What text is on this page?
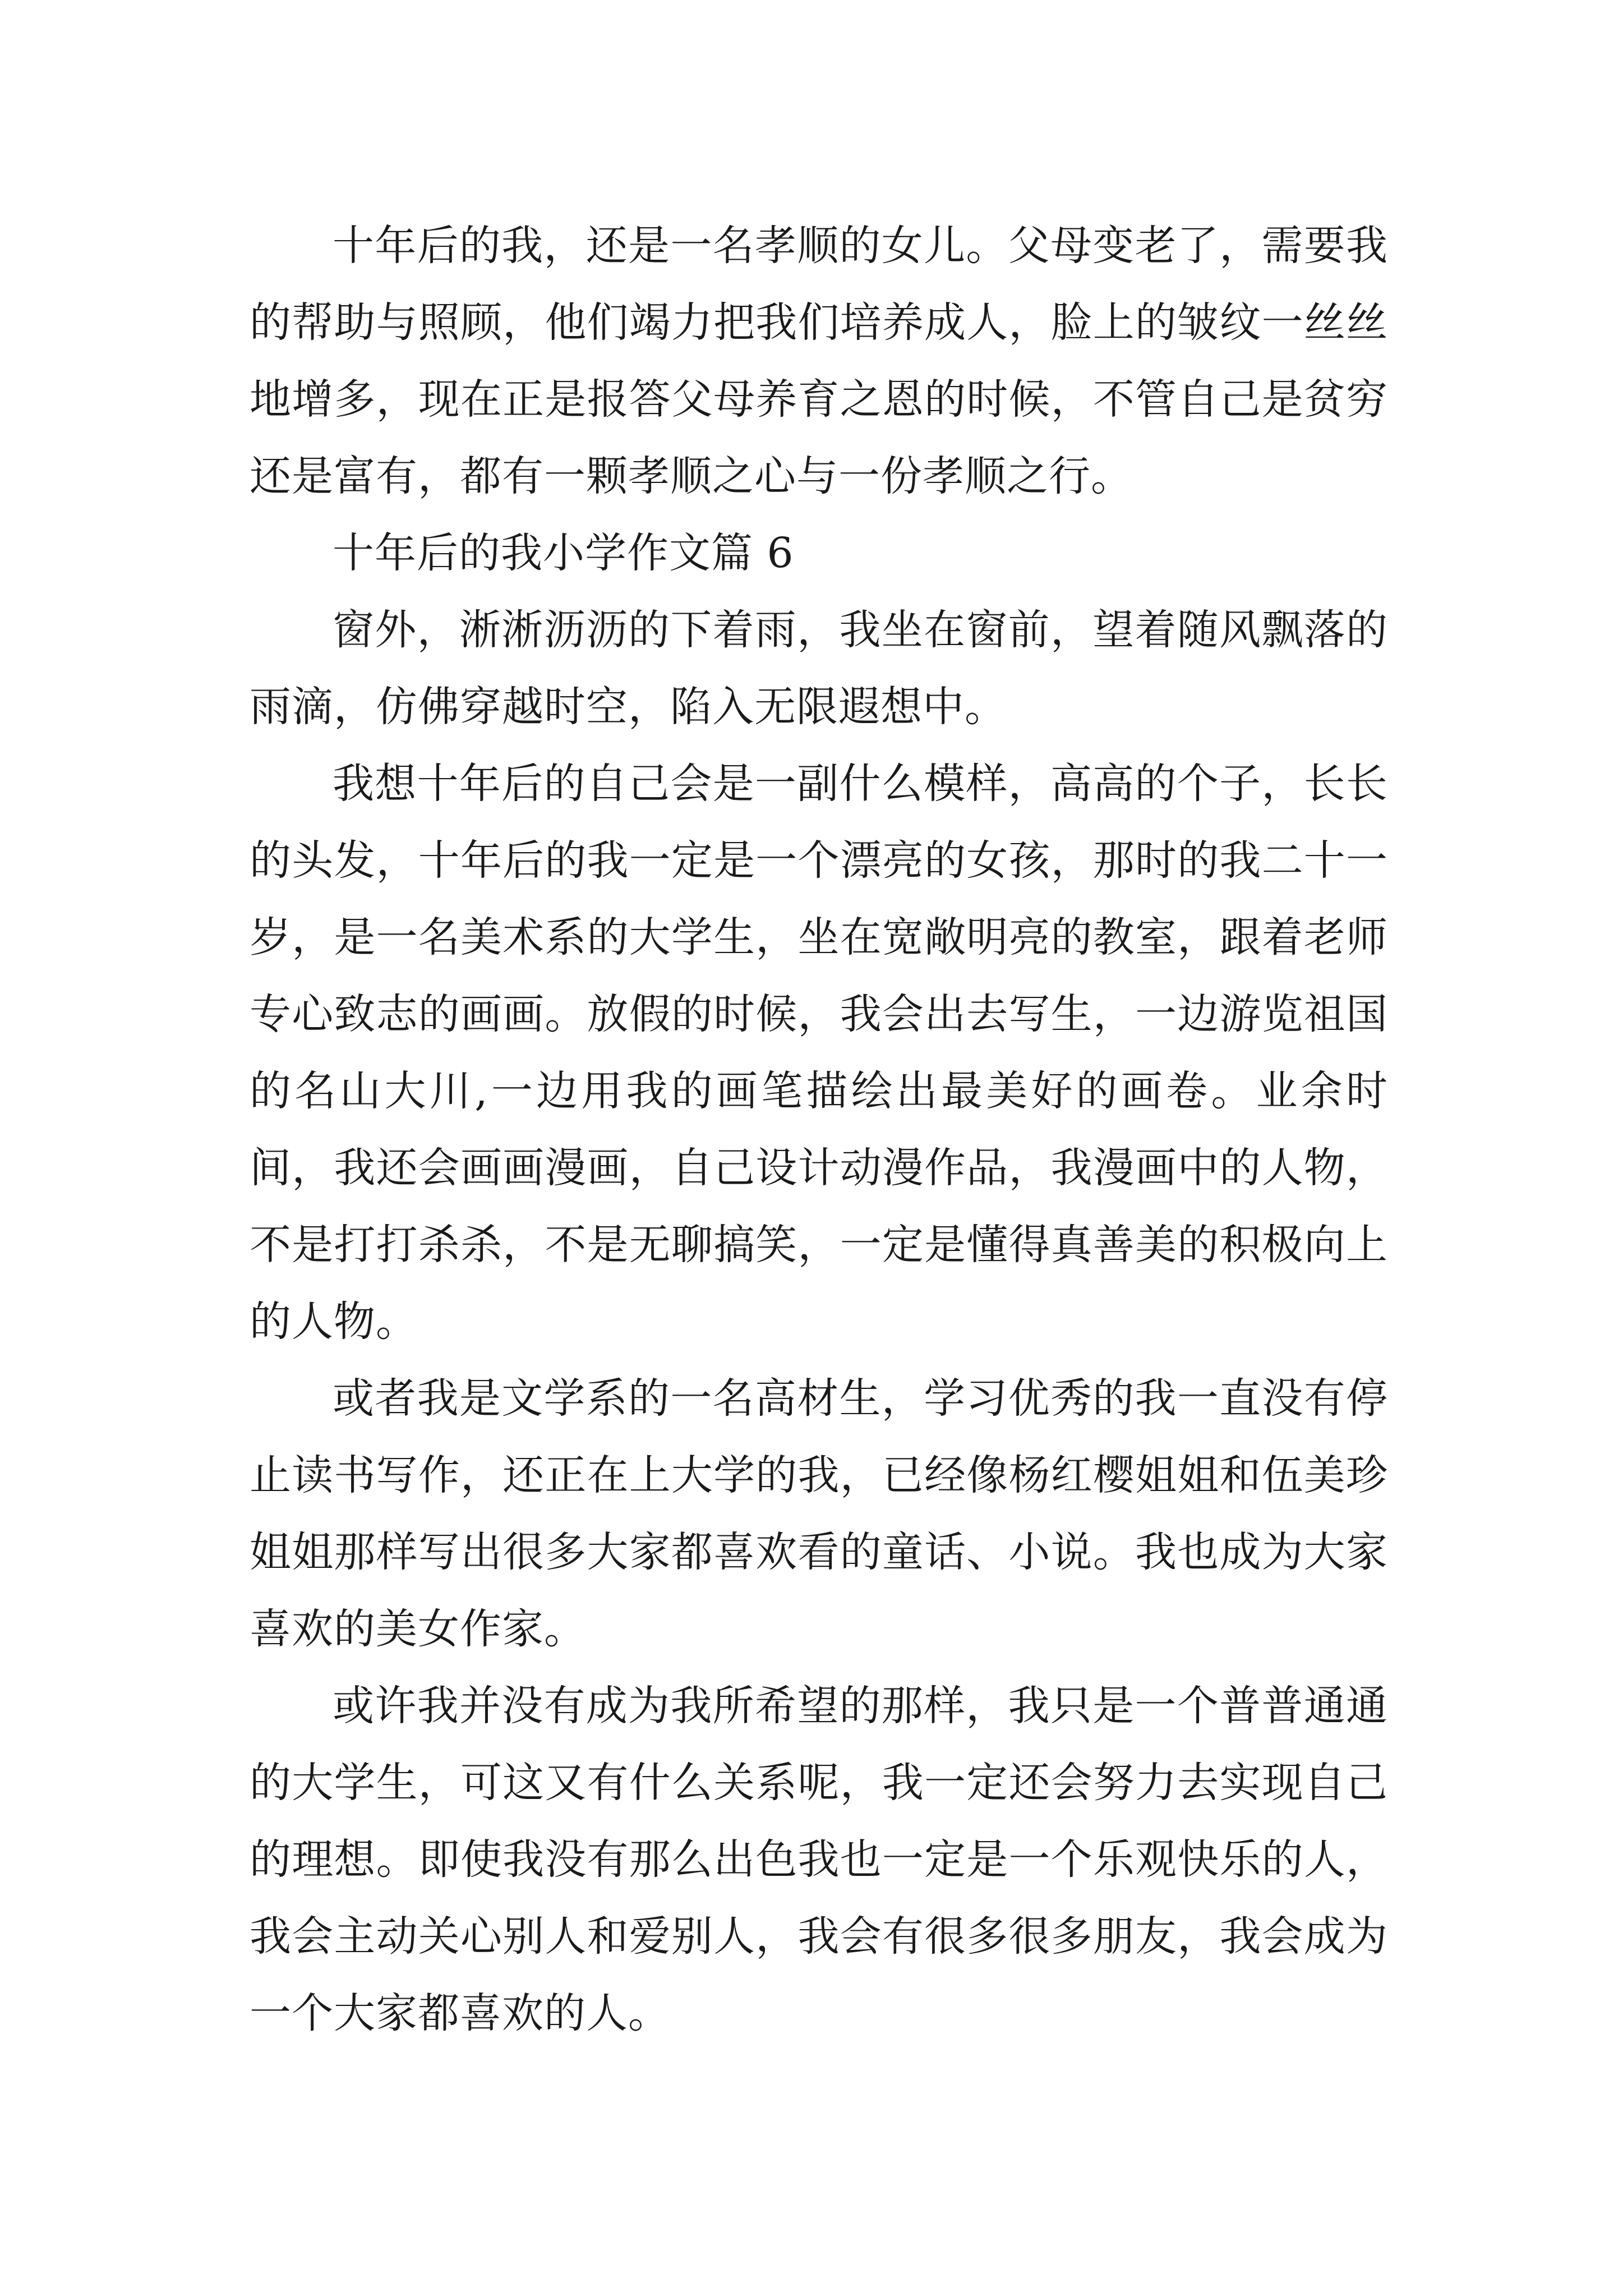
十年后的我，还是一名孝顺的女儿。父母变老了，需要我的帮助与照顾，他们竭力把我们培养成人，脸上的皱纹一丝丝地增多，现在正是报答父母养育之恩的时候，不管自己是贫穷还是富有，都有一颗孝顺之心与一份孝顺之行。

十年后的我小学作文篇 6

窗外，淅淅沥沥的下着雨，我坐在窗前，望着随风飘落的雨滴，仿佛穿越时空，陷入无限遐想中。

我想十年后的自己会是一副什么模样，高高的个子，长长的头发，十年后的我一定是一个漂亮的女孩，那时的我二十一岁，是一名美术系的大学生，坐在宽敞明亮的教室，跟着老师专心致志的画画。放假的时候，我会出去写生，一边游览祖国的名山大川,一边用我的画笔描绘出最美好的画卷。业余时间，我还会画画漫画，自己设计动漫作品，我漫画中的人物，不是打打杀杀，不是无聊搞笑，一定是懂得真善美的积极向上的人物。

或者我是文学系的一名高材生，学习优秀的我一直没有停止读书写作，还正在上大学的我，已经像杨红樱姐姐和伍美珍姐姐那样写出很多大家都喜欢看的童话、小说。我也成为大家喜欢的美女作家。

或许我并没有成为我所希望的那样，我只是一个普普通通的大学生，可这又有什么关系呢，我一定还会努力去实现自己的理想。即使我没有那么出色我也一定是一个乐观快乐的人，我会主动关心别人和爱别人，我会有很多很多朋友，我会成为一个大家都喜欢的人。
